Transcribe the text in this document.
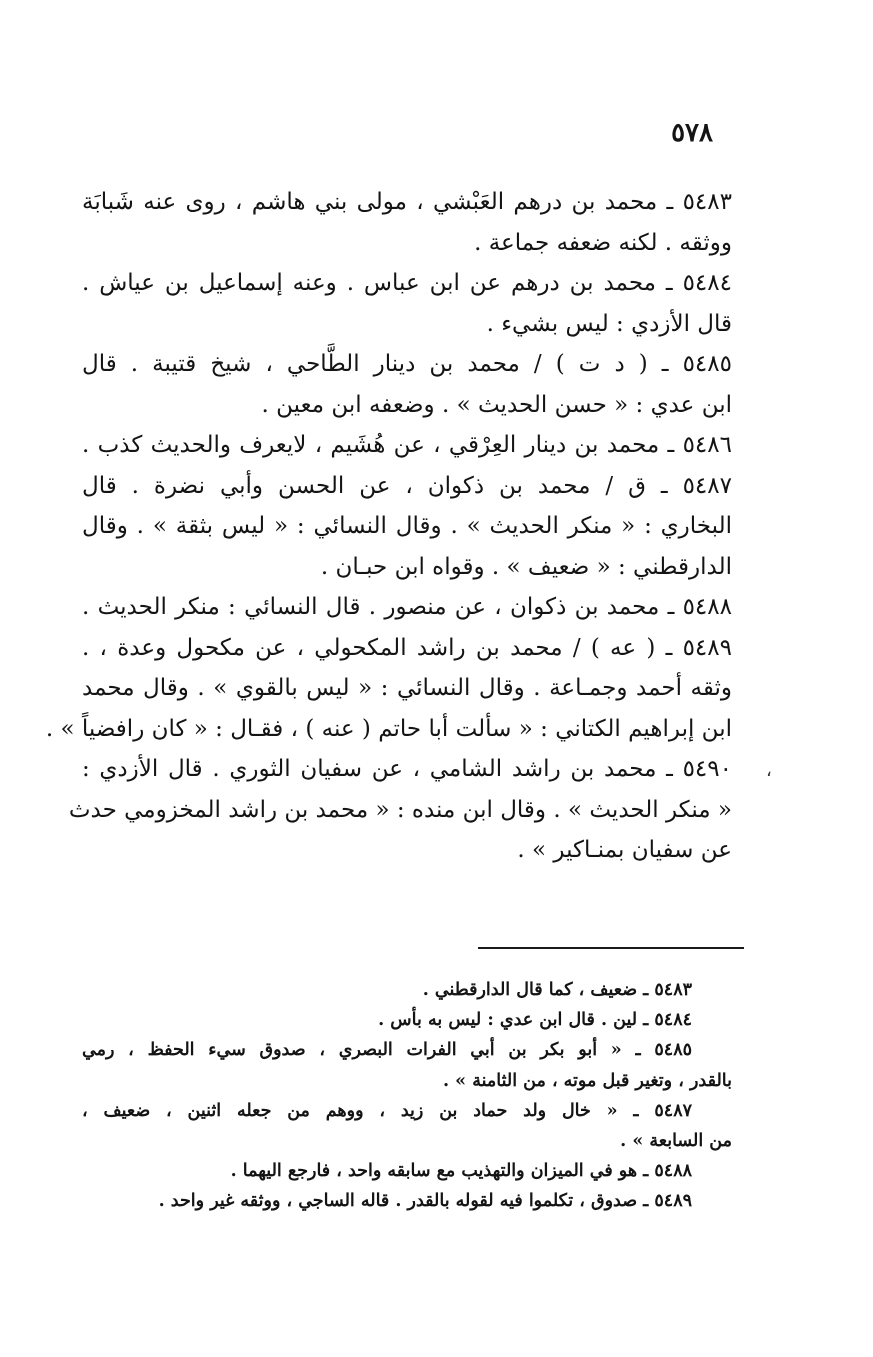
٥٧٨
٥٤٨٣ ـ محمد بن درهم العَبْشي ، مولى بني هاشم ، روى عنه شَبابَة
ووثقه . لكنه ضعفه جماعة .
٥٤٨٤ ـ محمد بن درهم عن ابن عباس . وعنه إسماعيل بن عياش .
قال الأزدي : ليس بشيء .
٥٤٨٥ ـ ( د ت ) / محمد بن دينار الطَّاحي ، شيخ قتيبة . قال
ابن عدي : « حسن الحديث » . وضعفه ابن معين .
٥٤٨٦ ـ محمد بن دينار العِرْقي ، عن هُشَيم ، لايعرف والحديث كذب .
٥٤٨٧ ـ ق / محمد بن ذكوان ، عن الحسن وأبي نضرة . قال
البخاري : « منكر الحديث » . وقال النسائي : « ليس بثقة » . وقال
الدارقطني : « ضعيف » . وقواه ابن حبـان .
٥٤٨٨ ـ محمد بن ذكوان ، عن منصور . قال النسائي : منكر الحديث .
٥٤٨٩ ـ ( عه ) / محمد بن راشد المكحولي ، عن مكحول وعدة ، .
وثقه أحمد وجمـاعة . وقال النسائي : « ليس بالقوي » . وقال محمد
ابن إبراهيم الكتاني : « سألت أبا حاتم ( عنه ) ، فقـال : « كان رافضياً » .
٥٤٩٠ ـ محمد بن راشد الشامي ، عن سفيان الثوري . قال الأزدي :
« منكر الحديث » . وقال ابن منده : « محمد بن راشد المخزومي حدث
عن سفيان بمنـاكير » .
،
٥٤٨٣ ـ ضعيف ، كما قال الدارقطني .
٥٤٨٤ ـ لين . قال ابن عدي : ليس به بأس .
٥٤٨٥ ـ « أبو بكر بن أبي الفرات البصري ، صدوق سيء الحفظ ، رمي
بالقدر ، وتغير قبل موته ، من الثامنة » .
٥٤٨٧ ـ « خال ولد حماد بن زيد ، ووهم من جعله اثنين ، ضعيف ،
من السابعة » .
٥٤٨٨ ـ هو في الميزان والتهذيب مع سابقه واحد ، فارجع اليهما .
٥٤٨٩ ـ صدوق ، تكلموا فيه لقوله بالقدر . قاله الساجي ، ووثقه غير واحد .
